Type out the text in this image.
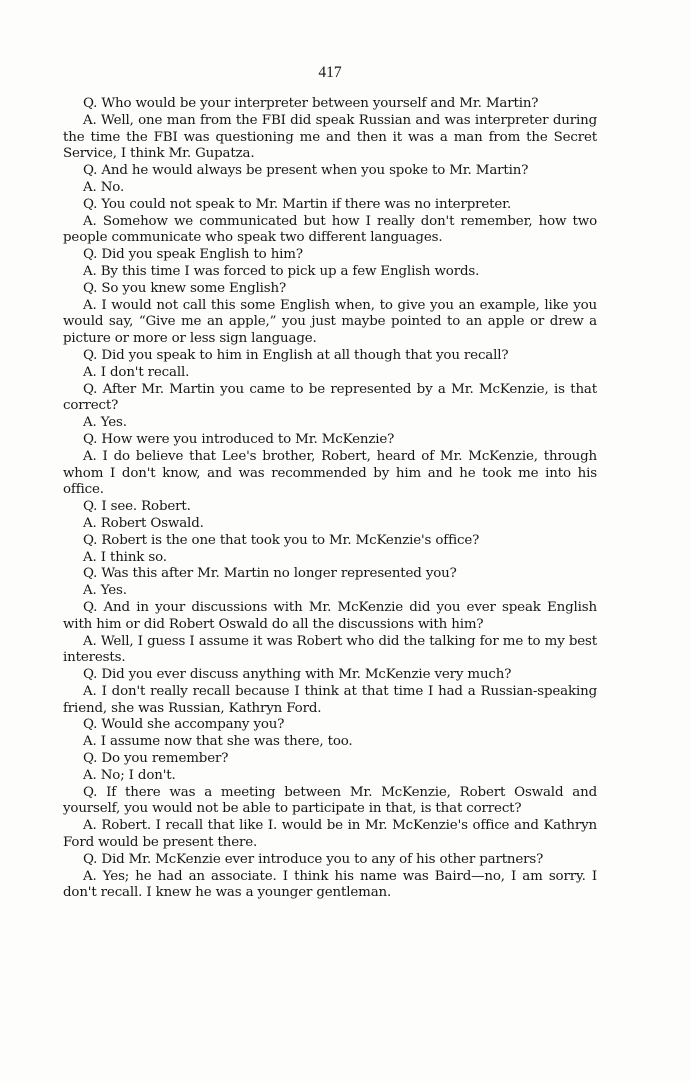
417

Q. Who would be your interpreter between yourself and Mr. Martin?

A. Well, one man from the FBI did speak Russian and was interpreter during the time the FBI was questioning me and then it was a man from the Secret Service, I think Mr. Gupatza.

Q. And he would always be present when you spoke to Mr. Martin?

A. No.

Q. You could not speak to Mr. Martin if there was no interpreter.

A. Somehow we communicated but how I really don't remember, how two people communicate who speak two different languages.

Q. Did you speak English to him?

A. By this time I was forced to pick up a few English words.

Q. So you knew some English?

A. I would not call this some English when, to give you an example, like you would say, “Give me an apple,” you just maybe pointed to an apple or drew a picture or more or less sign language.

Q. Did you speak to him in English at all though that you recall?

A. I don't recall.

Q. After Mr. Martin you came to be represented by a Mr. McKenzie, is that correct?

A. Yes.

Q. How were you introduced to Mr. McKenzie?

A. I do believe that Lee's brother, Robert, heard of Mr. McKenzie, through whom I don't know, and was recommended by him and he took me into his office.

Q. I see. Robert.

A. Robert Oswald.

Q. Robert is the one that took you to Mr. McKenzie's office?

A. I think so.

Q. Was this after Mr. Martin no longer represented you?

A. Yes.

Q. And in your discussions with Mr. McKenzie did you ever speak English with him or did Robert Oswald do all the discussions with him?

A. Well, I guess I assume it was Robert who did the talking for me to my best interests.

Q. Did you ever discuss anything with Mr. McKenzie very much?

A. I don't really recall because I think at that time I had a Russian-speaking friend, she was Russian, Kathryn Ford.

Q. Would she accompany you?

A. I assume now that she was there, too.

Q. Do you remember?

A. No; I don't.

Q. If there was a meeting between Mr. McKenzie, Robert Oswald and yourself, you would not be able to participate in that, is that correct?

A. Robert. I recall that like I. would be in Mr. McKenzie's office and Kathryn Ford would be present there.

Q. Did Mr. McKenzie ever introduce you to any of his other partners?

A. Yes; he had an associate. I think his name was Baird—no, I am sorry. I don't recall. I knew he was a younger gentleman.
